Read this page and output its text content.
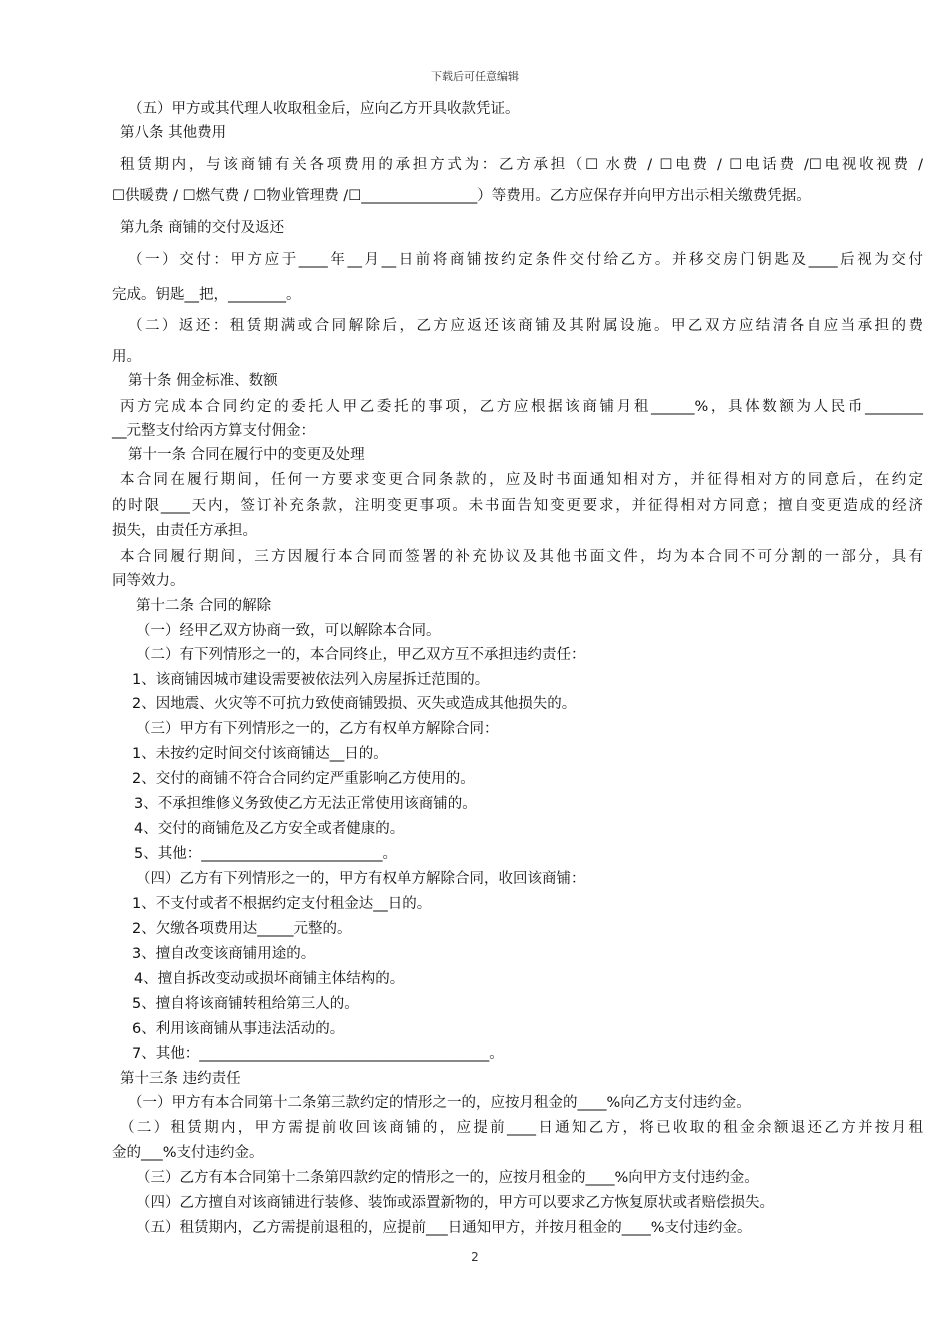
下载后可任意编辑
（五）甲方或其代理人收取租金后，应向乙方开具收款凭证。
第八条 其他费用
租赁期内，与该商铺有关各项费用的承担方式为：乙方承担（☐ 水费 / ☐电费 / ☐电话费 /☐电视收视费 /
☐供暖费 / ☐燃气费 / ☐物业管理费 /☐________________）等费用。乙方应保存并向甲方出示相关缴费凭据。
第九条 商铺的交付及返还
（一）交付：甲方应于____年__月__日前将商铺按约定条件交付给乙方。并移交房门钥匙及____后视为交付
完成。钥匙__把，________。
（二）返还：租赁期满或合同解除后，乙方应返还该商铺及其附属设施。甲乙双方应结清各自应当承担的费
用。
第十条 佣金标准、数额
丙方完成本合同约定的委托人甲乙委托的事项，乙方应根据该商铺月租______%，具体数额为人民币________
__元整支付给丙方算支付佣金：
第十一条 合同在履行中的变更及处理
本合同在履行期间，任何一方要求变更合同条款的，应及时书面通知相对方，并征得相对方的同意后，在约定
的时限____天内，签订补充条款，注明变更事项。未书面告知变更要求，并征得相对方同意；擅自变更造成的经济
损失，由责任方承担。
本合同履行期间，三方因履行本合同而签署的补充协议及其他书面文件，均为本合同不可分割的一部分，具有
同等效力。
第十二条 合同的解除
（一）经甲乙双方协商一致，可以解除本合同。
（二）有下列情形之一的，本合同终止，甲乙双方互不承担违约责任：
1、该商铺因城市建设需要被依法列入房屋拆迁范围的。
2、因地震、火灾等不可抗力致使商铺毁损、灭失或造成其他损失的。
（三）甲方有下列情形之一的，乙方有权单方解除合同：
1、未按约定时间交付该商铺达__日的。
2、交付的商铺不符合合同约定严重影响乙方使用的。
3、不承担维修义务致使乙方无法正常使用该商铺的。
4、交付的商铺危及乙方安全或者健康的。
5、其他：_________________________。
（四）乙方有下列情形之一的，甲方有权单方解除合同，收回该商铺：
1、不支付或者不根据约定支付租金达__日的。
2、欠缴各项费用达_____元整的。
3、擅自改变该商铺用途的。
4、擅自拆改变动或损坏商铺主体结构的。
5、擅自将该商铺转租给第三人的。
6、利用该商铺从事违法活动的。
7、其他：________________________________________。
第十三条 违约责任
（一）甲方有本合同第十二条第三款约定的情形之一的，应按月租金的____%向乙方支付违约金。
（二）租赁期内，甲方需提前收回该商铺的，应提前____日通知乙方，将已收取的租金余额退还乙方并按月租
金的___%支付违约金。
（三）乙方有本合同第十二条第四款约定的情形之一的，应按月租金的____%向甲方支付违约金。
（四）乙方擅自对该商铺进行装修、装饰或添置新物的，甲方可以要求乙方恢复原状或者赔偿损失。
（五）租赁期内，乙方需提前退租的，应提前___日通知甲方，并按月租金的____%支付违约金。
2
